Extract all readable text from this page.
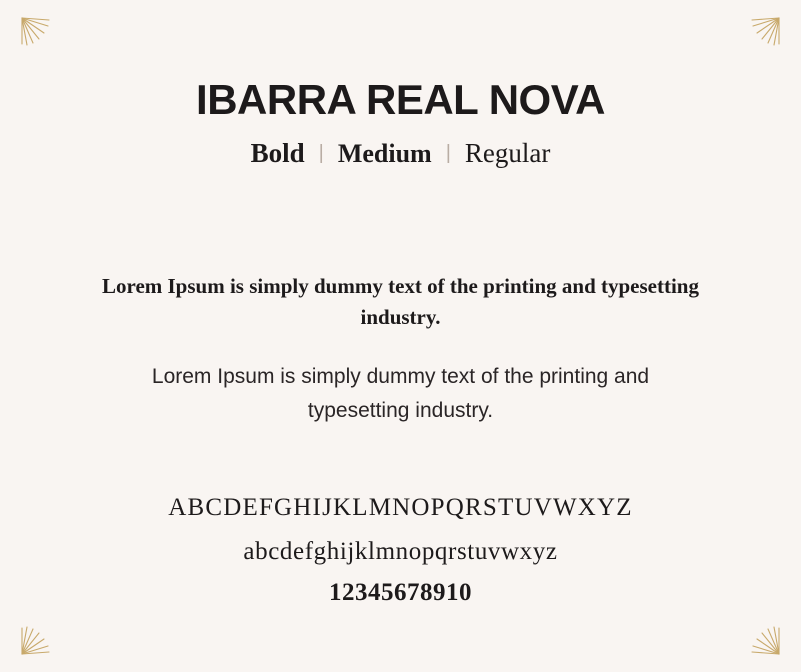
IBARRA REAL NOVA
Bold | Medium | Regular

Lorem Ipsum is simply dummy text of the printing and typesetting industry.

Lorem Ipsum is simply dummy text of the printing and typesetting industry.

ABCDEFGHIJKLMNOPQRSTUVWXYZ
abcdefghijklmnopqrstuvwxyz
12345678910
